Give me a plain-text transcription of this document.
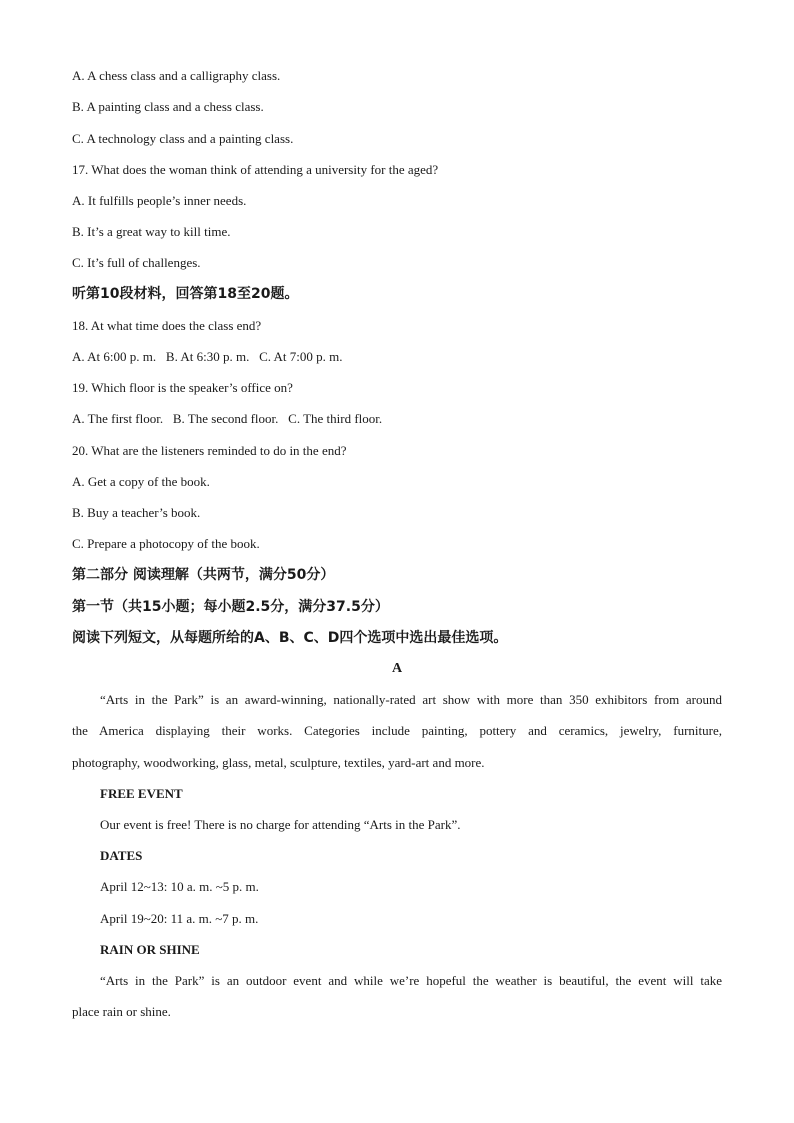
A. A chess class and a calligraphy class.
B. A painting class and a chess class.
C. A technology class and a painting class.
17. What does the woman think of attending a university for the aged?
A. It fulfills people’s inner needs.
B. It’s a great way to kill time.
C. It’s full of challenges.
听第10段材料，回答第18至20题。
18. At what time does the class end?
A. At 6:00 p. m.   B. At 6:30 p. m.   C. At 7:00 p. m.
19. Which floor is the speaker’s office on?
A. The first floor.   B. The second floor.   C. The third floor.
20. What are the listeners reminded to do in the end?
A. Get a copy of the book.
B. Buy a teacher’s book.
C. Prepare a photocopy of the book.
第二部分 阅读理解（共两节，满分50分）
第一节（共15小题；每小题2.5分，满分37.5分）
阅读下列短文，从每题所给的A、B、C、D四个选项中选出最佳选项。
A
“Arts in the Park” is an award-winning, nationally-rated art show with more than 350 exhibitors from around
the America displaying their works. Categories include painting, pottery and ceramics, jewelry, furniture,
photography, woodworking, glass, metal, sculpture, textiles, yard-art and more.
FREE EVENT
Our event is free! There is no charge for attending “Arts in the Park”.
DATES
April 12~13: 10 a. m. ~5 p. m.
April 19~20: 11 a. m. ~7 p. m.
RAIN OR SHINE
“Arts in the Park” is an outdoor event and while we’re hopeful the weather is beautiful, the event will take
place rain or shine.
